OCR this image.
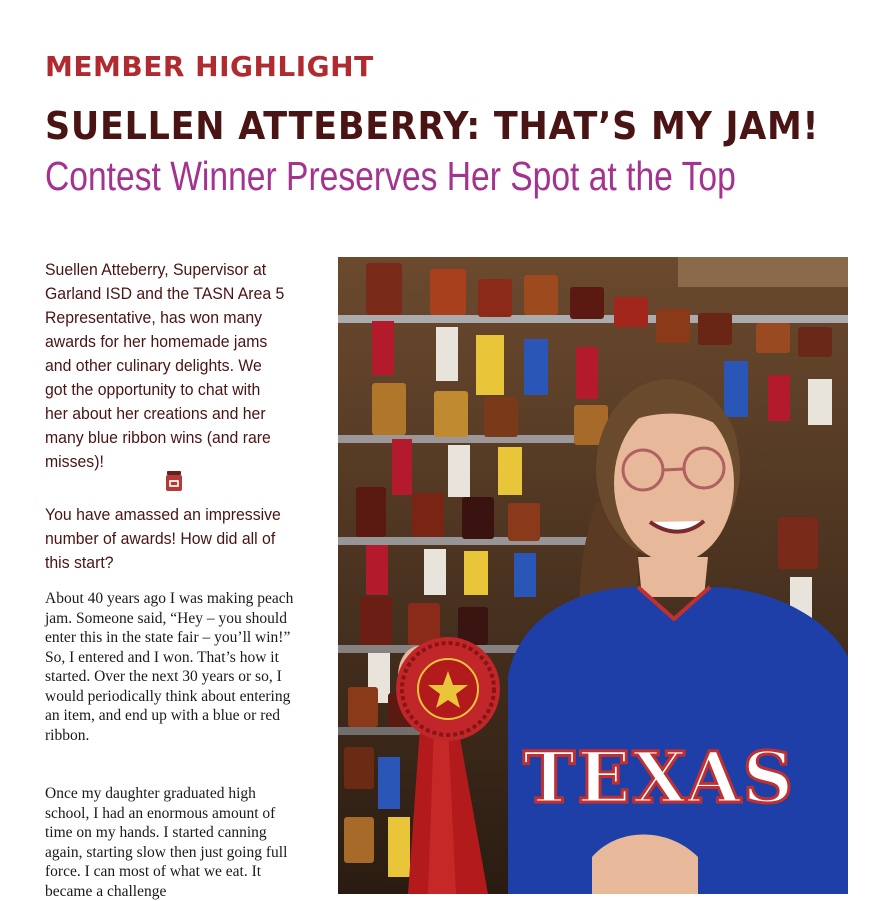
MEMBER HIGHLIGHT
SUELLEN ATTEBERRY: THAT’S MY JAM!
Contest Winner Preserves Her Spot at the Top
Suellen Atteberry, Supervisor at Garland ISD and the TASN Area 5 Representative, has won many awards for her homemade jams and other culinary delights. We got the opportunity to chat with her about her creations and her many blue ribbon wins (and rare misses)!
You have amassed an impressive number of awards! How did all of this start?
About 40 years ago I was making peach jam. Someone said, “Hey – you should enter this in the state fair – you’ll win!” So, I entered and I won. That’s how it started. Over the next 30 years or so, I would periodically think about entering an item, and end up with a blue or red ribbon.
Once my daughter graduated high school, I had an enormous amount of time on my hands. I started canning again, starting slow then just going full force. I can most of what we eat. It became a challenge
TEXAS
